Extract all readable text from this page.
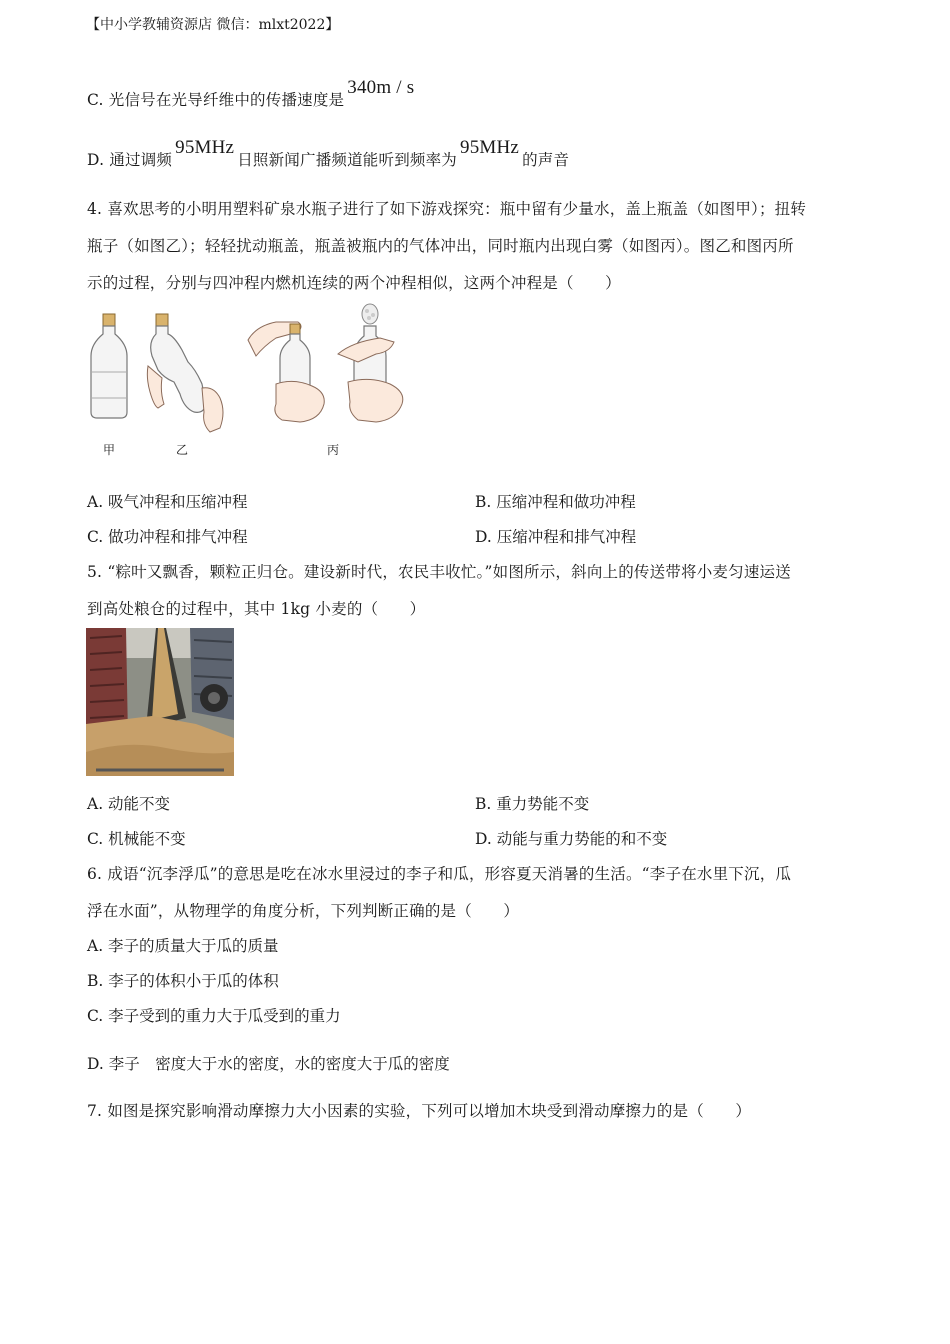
【中小学教辅资源店 微信：mlxt2022】
C. 光信号在光导纤维中的传播速度是340m / s
D. 通过调频95MHz日照新闻广播频道能听到频率为95MHz的声音
4. 喜欢思考的小明用塑料矿泉水瓶子进行了如下游戏探究：瓶中留有少量水，盖上瓶盖（如图甲）；扭转
瓶子（如图乙）；轻轻扰动瓶盖，瓶盖被瓶内的气体冲出，同时瓶内出现白雾（如图丙）。图乙和图丙所
示的过程，分别与四冲程内燃机连续的两个冲程相似，这两个冲程是（　　）
甲	乙	丙
A. 吸气冲程和压缩冲程	B. 压缩冲程和做功冲程
C. 做功冲程和排气冲程	D. 压缩冲程和排气冲程
5. “粽叶又飘香，颗粒正归仓。建设新时代，农民丰收忙。”如图所示，斜向上的传送带将小麦匀速运送
到高处粮仓的过程中，其中 1kg 小麦的（　　）
A. 动能不变	B. 重力势能不变
C. 机械能不变	D. 动能与重力势能的和不变
6. 成语“沉李浮瓜”的意思是吃在冰水里浸过的李子和瓜，形容夏天消暑的生活。“李子在水里下沉，瓜
浮在水面”，从物理学的角度分析，下列判断正确的是（　　）
A. 李子的质量大于瓜的质量
B. 李子的体积小于瓜的体积
C. 李子受到的重力大于瓜受到的重力
D. 李子　密度大于水的密度，水的密度大于瓜的密度
7. 如图是探究影响滑动摩擦力大小因素的实验，下列可以增加木块受到滑动摩擦力的是（　　）
